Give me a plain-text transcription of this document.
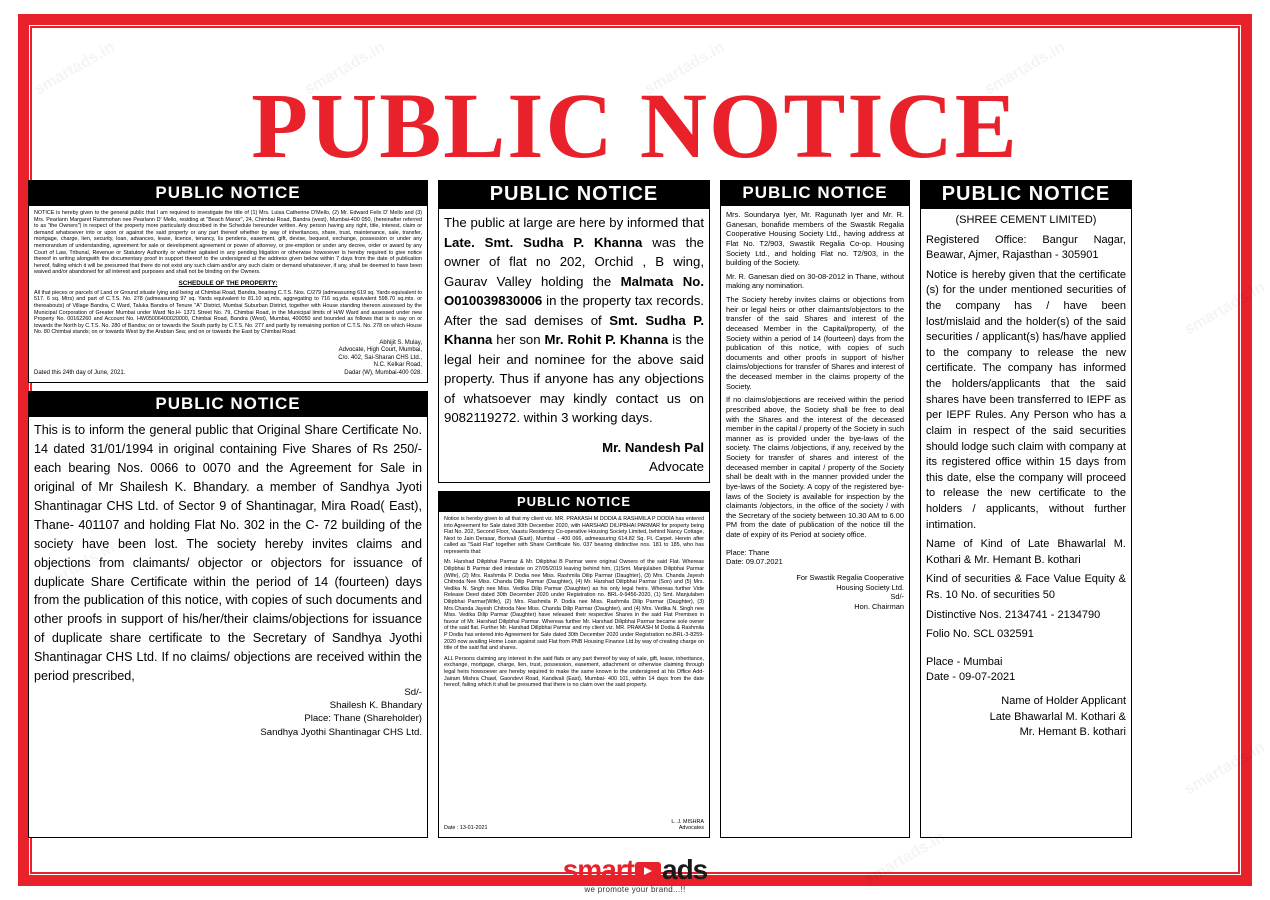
PUBLIC NOTICE
PUBLIC NOTICE
NOTICE is hereby given to the general public that I am required to investigate the title of (1) Mrs. Luisa Catherine D'Mello, (2) Mr. Edward Felix D' Mello and (3) Mrs. Pearlann Margaret Rammohan nee Pearlann D' Mello, residing at "Beach Manor", 24, Chimbai Road, Bandra (west), Mumbai-400 050, (hereinafter referred to as "the Owners") in respect of the property more particularly described in the Schedule hereunder written. Any person having any right, title, interest, claim or demand whatsoever into or upon or against the said property or any part thereof whether by way of inheritances, share, trust, maintenance, sale, transfer, mortgage, charge, lien, security, loan, advances, lease, licence, tenancy, lis pendens, easement, gift, devise, bequest, exchange, possession or under any memorandum of understanding, agreement for sale or development agreement or power of attorney, or pre-emption or under any decree, order or award by any Court of Law, Tribunal, Revenue or Statutory Authority or whether agitated in any pending litigation or otherwise howsoever is hereby required to give notice thereof in writing alongwith the documentary proof in support thereof to the undersigned at the address given below within 7 days from the date of publication hereof, failing which it will be presumed that there do not exist any such claim and/or any such claim or demand whatsoever, if any, shall be deemed to have been waived and/or abandoned for all interest and purposes and shall not be binding on the Owners.
SCHEDULE OF THE PROPERTY:
All that pieces or parcels of Land or Ground situate lying and being at Chimbai Road, Bandra, bearing C.T.S. Nos. C/279 (admeasuring 619 sq. Yards equivalent to 517. 6 sq. Mtrs) and part of C.T.S. No. 278 (admeasuring 97 sq. Yards equivalent to 81.10 sq.mts, aggregating to 716 sq.yds. equivalent 598.70 sq.mts. or thereabouts) of Village Bandra, C Ward, Taluka Bandra of Tenure "A" District, Mumbai Suburban District, together with House standing thereon assessed by the Municipal Corporation of Greater Mumbai under Ward No.H- 1371 Street No. 79, Chimbai Road, in the Municipal limits of H/W Ward and assessed under new Property No. 00162260 and Account No. HW05006400020000, Chimbai Road, Bandra (West), Mumbai, 400050 and bounded as follows that is to say on or towards the North by C.T.S. No. 280 of Bandra; on or towards the South partly by C.T.S. No. 277 and partly by remaining portion of C.T.S. No. 278 on which House No. 80 Chimbai stands; on or towards West by the Arabian Sea; and on or towards the East by Chimbai Road.
Dated this 24th day of June, 2021.
Abhijit S. Mulay,
Advocate, High Court, Mumbai,
C/o. 402, Sai-Sharan CHS Ltd.,
N.C. Kelkar Road,
Dadar (W), Mumbai-400 028.
PUBLIC NOTICE
This is to inform the general public that Original Share Certificate No. 14 dated 31/01/1994 in original containing Five Shares of Rs 250/- each bearing Nos. 0066 to 0070 and the Agreement for Sale in original of Mr Shailesh K. Bhandary. a member of Sandhya Jyoti Shantinagar CHS Ltd. of Sector 9 of Shantinagar, Mira Road( East), Thane- 401107 and holding Flat No. 302 in the C- 72 building of the society have been lost. The society hereby invites claims and objections from claimants/ objector or objectors for issuance of duplicate Share Certificate within the period of 14 (fourteen) days from the publication of this notice, with copies of such documents and other proofs in support of his/her/their claims/objections for issuance of duplicate share certificate to the Secretary of Sandhya Jyothi Shantinagar CHS Ltd. If no claims/ objections are received within the period prescribed,
Sd/-
Shailesh K. Bhandary
Place: Thane (Shareholder)
Sandhya Jyothi Shantinagar CHS Ltd.
PUBLIC NOTICE
The public at large are here by informed that Late. Smt. Sudha P. Khanna was the owner of flat no 202, Orchid , B wing, Gaurav Valley holding the Malmata No. O010039830006 in the property tax records. After the sad demises of Smt. Sudha P. Khanna her son Mr. Rohit P. Khanna is the legal heir and nominee for the above said property. Thus if anyone has any objections of whatsoever may kindly contact us on 9082119272. within 3 working days.
Mr. Nandesh Pal
Advocate
PUBLIC NOTICE
Notice is hereby given to all that my client viz. MR. PRAKASH M DODIA & RASHMILA P DODIA has entered into Agreement for Sale dated 30th December 2020, with HARSHAD DILIPBHAI PARMAR for property being Flat No. 202, Second Floor, Vaastu Residency Co-operative Housing Society Limited, behind Nancy Cottage, Next to Jain Derasar, Borivali (East), Mumbai - 400 066, admeasuring 614.82 Sq. Ft. Carpet. Herein after called as "Said Flat" together with Share Certificate No. 037 bearing distinctive nos. 181 to 185, who has represents that:
Mr. Harshad Dilipbhai Parmar & Mr. Dilipbhai B Parmar were original Owners of the said Flat. Whereas Dilipbhai B Parmar died intestate on 27/05/2019 leaving behind him, (1)Smt. Manjulaben Dilipbhai Parmar (Wife), (2) Mrs. Rashmila P. Dodia nee Miss. Rashmila Dilip Parmar (Daughter), (3) Mrs. Chanda Jayesh Chitroda Nee Miss. Chanda Dilip Parmar (Daughter), (4) Mr. Harshad Dilipbhai Parmar (Son) and (5) Mrs. Vedika N. Singh nee Miss. Vedika Dilip Parmar (Daughter) as his only legal heirs. Whereas further Vide Release Deed dated 30th December 2020 under Registration no. BRL-9-9456-2020, (1) Smt. Manjulaben Dilipbhai Parmar(Wife), (2) Mrs. Rashmila P. Dodia nee Miss. Rashmila Dilip Parmar (Daughter), (3) Mrs.Chanda Jayesh Chitroda Nee Miss. Chanda Dilip Parmar (Daughter), and (4) Mrs. Vedika N. Singh nee Miss. Vedika Dilip Parmar (Daughter) have released their respective Shares in the said Flat Premises in favour of Mr. Harshad Dilipbhai Parmar. Whereas further Mr. Harshad Dilipbhai Parmar became sole owner of the said flat. Further Mr. Harshad Dilipbhai Parmar and my client viz. MR. PRAKASH M Dodia & Rashmila P Dodia has entered into Agreement for Sale dated 30th December 2020 under Registration no.BRL-3-8259-2020 now availing Home Loan against said Flat from PNB Housing Finance Ltd.by way of creating charge on title of the said flat and shares.
ALL Persons claiming any interest in the said flats or any part thereof by way of sale, gift, lease, inheritance, exchange, mortgage, charge, lien, trust, possession, easement, attachment or otherwise claiming through legal heirs howsoever are hereby required to make the same known to the undersigned at his Office Add- Jairam Mishra Chawl, Gaondevi Road, Kandivali (East), Mumbai- 400 101, within 14 days from the date hereof, failing which it shall be presumed that there is no claim over the said property.
Date : 13-01-2021
L. J. MISHRA
Advocates
PUBLIC NOTICE
Mrs. Soundarya Iyer, Mr. Ragunath Iyer and Mr. R. Ganesan, bonafide members of the Swastik Regalia Cooperative Housing Society Ltd., having address at Flat No. T2/903, Swastik Regalia Co-op. Housing Society Ltd., and holding Flat no. T2/903, in the building of the Society.
Mr. R. Ganesan died on 30-08-2012 in Thane, without making any nomination.
The Society hereby invites claims or objections from heir or legal heirs or other claimants/objectors to the transfer of the said Shares and interest of the deceased Member in the Capital/property, of the Society within a period of 14 (fourteen) days from the publication of this notice, with copies of such documents and other proofs in support of his/her claims/objections for transfer of Shares and interest of the deceased member in the claims property of the Society.
If no claims/objections are received within the period prescribed above, the Society shall be free to deal with the Shares and the interest of the deceased member in the capital / property of the Society in such manner as is provided under the bye-laws of the society. The claims /objections, if any, received by the Society for transfer of shares and interest of the deceased member in capital / property of the Society shall be dealt with in the manner provided under the bye-laws of the Society. A copy of the registered bye-laws of the Society is available for inspection by the claimants /objectors, in the office of the society / with the Secretary of the society between 10.30 AM to 6.00 PM from the date of publication of the notice till the date of expiry of its Period at society office.
Place: Thane
Date: 09.07.2021
For Swastik Regalia Cooperative
Housing Society Ltd.
Sd/-
Hon. Chairman
PUBLIC NOTICE
(SHREE CEMENT LIMITED)
Registered Office: Bangur Nagar, Beawar, Ajmer, Rajasthan - 305901
Notice is hereby given that the certificate (s) for the under mentioned securities of the company has / have been lost/mislaid and the holder(s) of the said securities / applicant(s) has/have applied to the company to release the new certificate. The company has informed the holders/applicants that the said shares have been transferred to IEPF as per IEPF Rules. Any Person who has a claim in respect of the said securities should lodge such claim with company at its registered office within 15 days from this date, else the company will proceed to release the new certificate to the holders / applicants, without further intimation.
Name of Kind of Late Bhawarlal M. Kothari & Mr. Hemant B. kothari
Kind of securities & Face Value Equity & Rs. 10 No. of securities 50
Distinctive Nos. 2134741 - 2134790
Folio No. SCL 032591
Place - Mumbai
Date - 09-07-2021
Name of Holder Applicant
Late Bhawarlal M. Kothari &
Mr. Hemant B. kothari
smart ads
we promote your brand...!!
